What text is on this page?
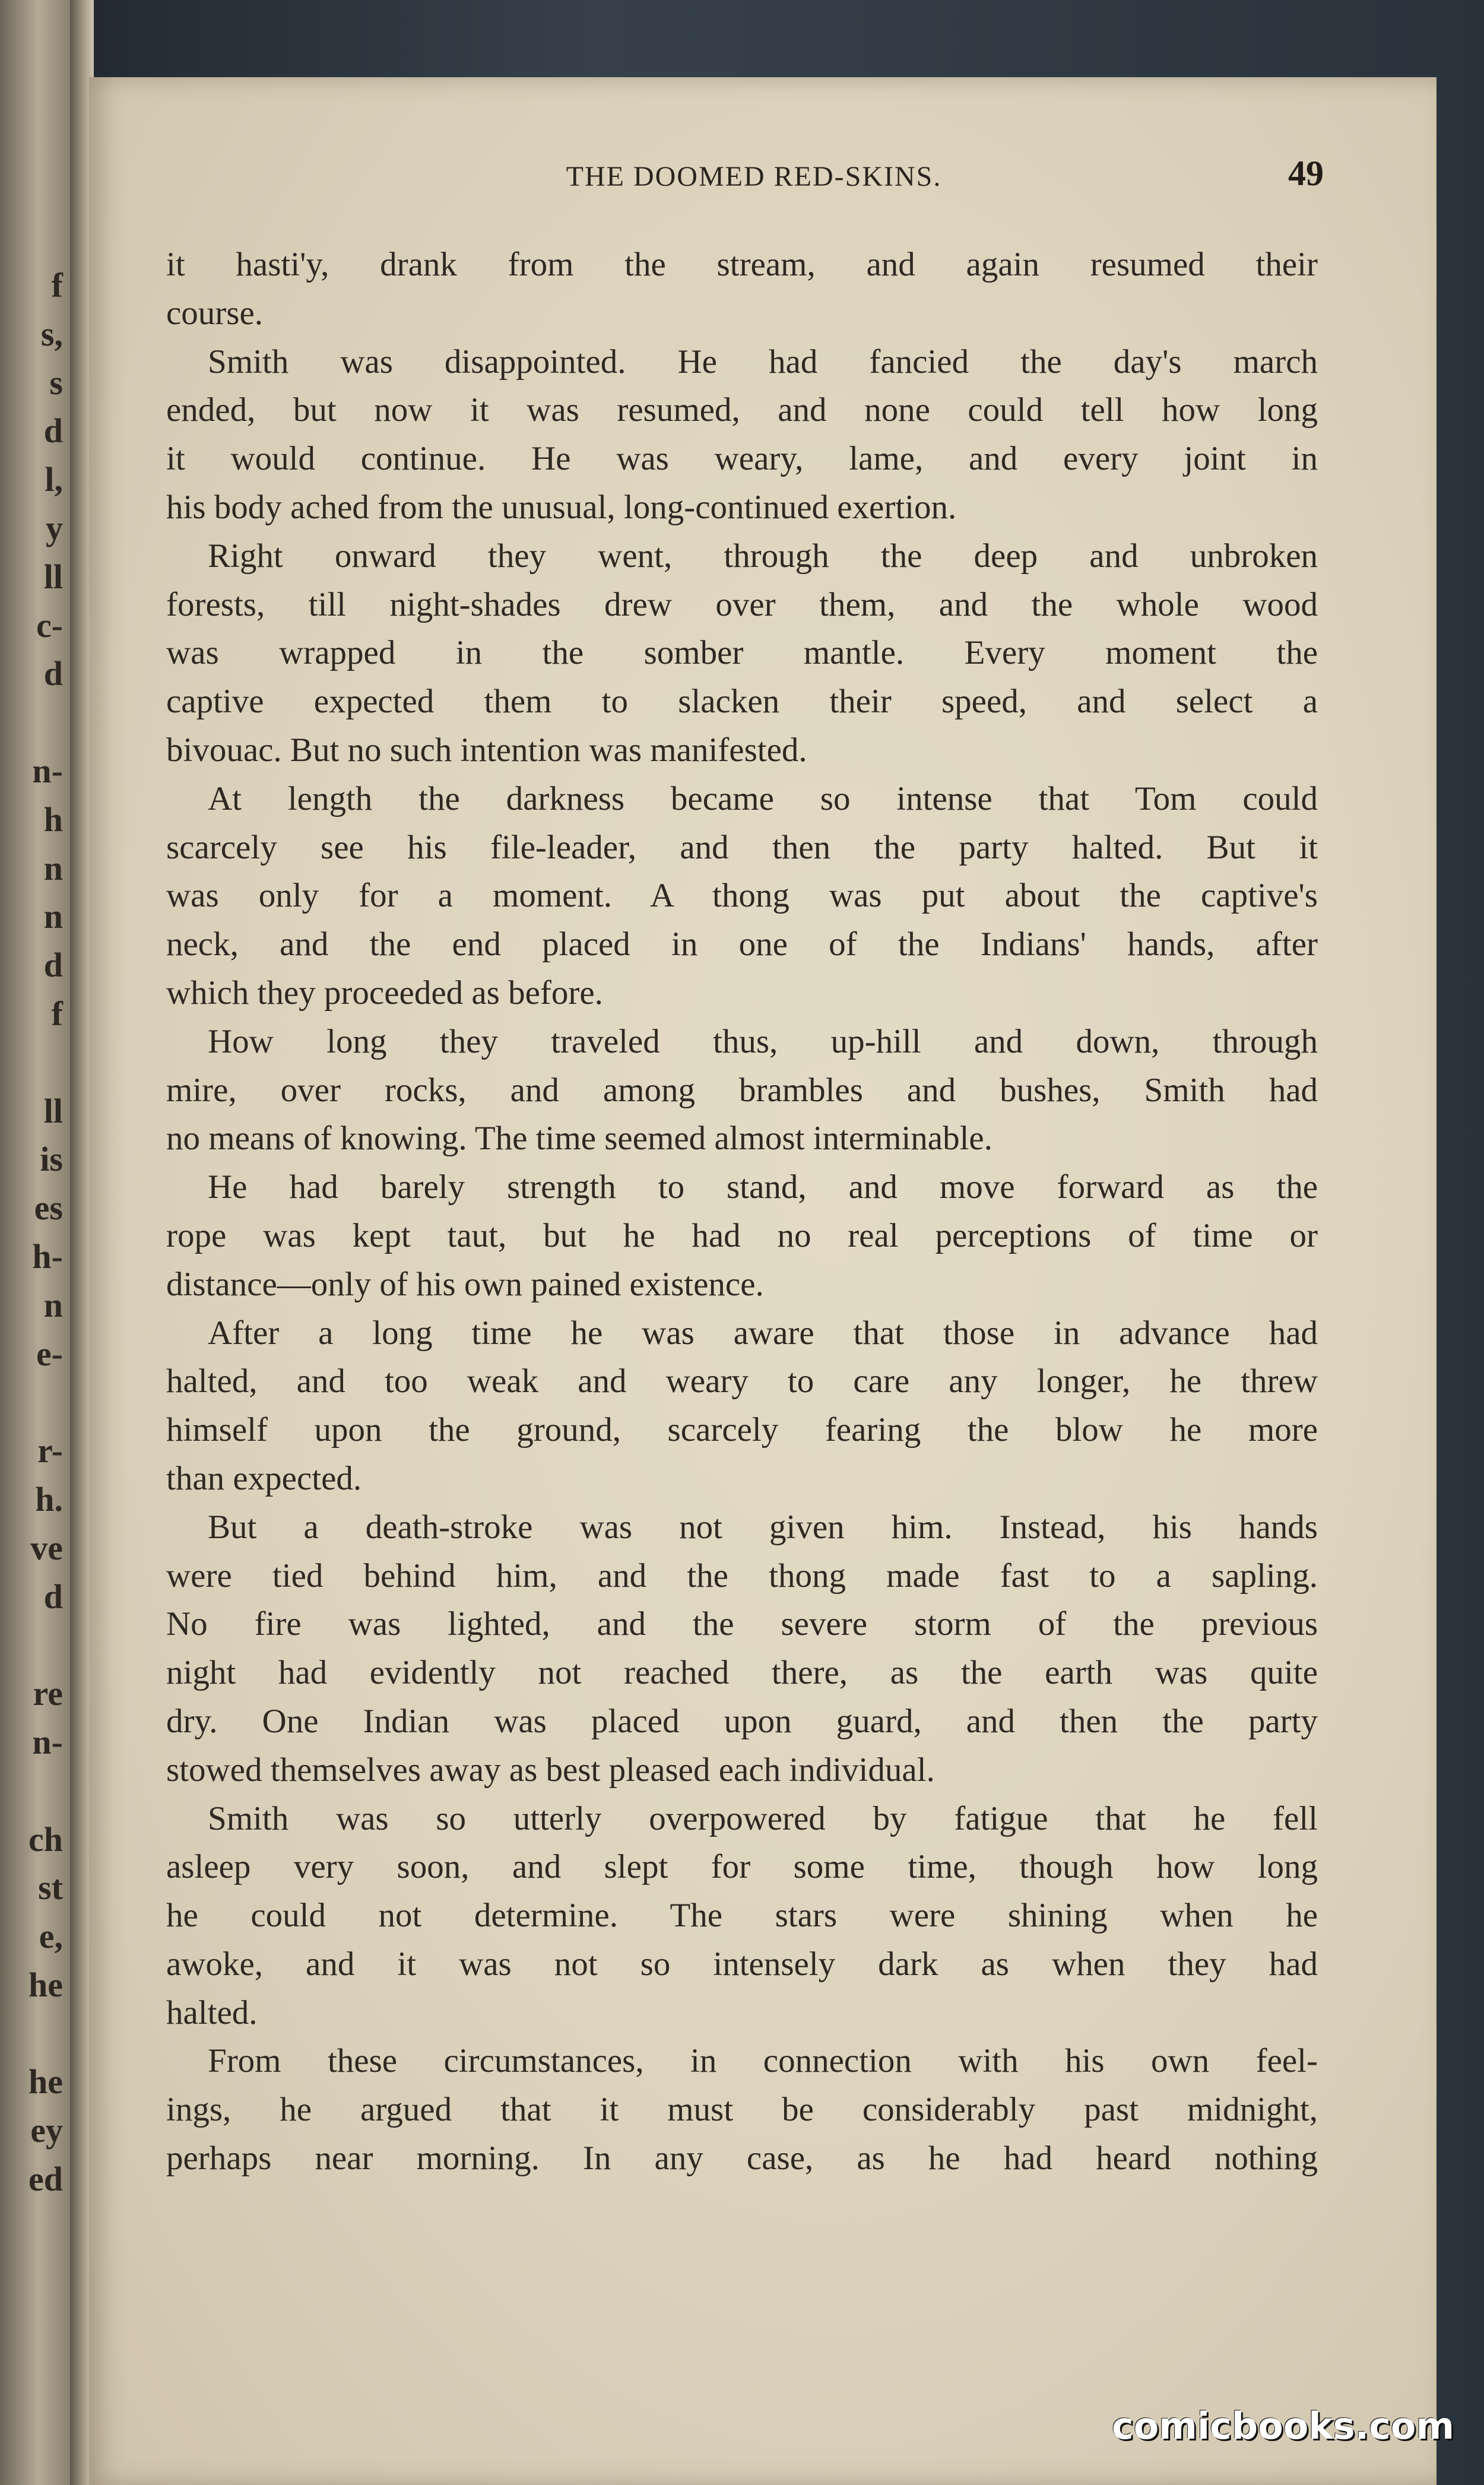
f
s,
s
d
l,
y
ll
c-
d
n-
h
n
n
d
f
ll
is
es
h-
n
e-
r-
h.
ve
d
re
n-
ch
st
e,
he
he
ey
ed
THE DOOMED RED-SKINS.	49
it hasti'y, drank from the stream, and again resumed their
course.
Smith was disappointed. He had fancied the day's march
ended, but now it was resumed, and none could tell how long
it would continue. He was weary, lame, and every joint in
his body ached from the unusual, long-continued exertion.
Right onward they went, through the deep and unbroken
forests, till night-shades drew over them, and the whole wood
was wrapped in the somber mantle. Every moment the
captive expected them to slacken their speed, and select a
bivouac. But no such intention was manifested.
At length the darkness became so intense that Tom could
scarcely see his file-leader, and then the party halted. But it
was only for a moment. A thong was put about the captive's
neck, and the end placed in one of the Indians' hands, after
which they proceeded as before.
How long they traveled thus, up-hill and down, through
mire, over rocks, and among brambles and bushes, Smith had
no means of knowing. The time seemed almost interminable.
He had barely strength to stand, and move forward as the
rope was kept taut, but he had no real perceptions of time or
distance—only of his own pained existence.
After a long time he was aware that those in advance had
halted, and too weak and weary to care any longer, he threw
himself upon the ground, scarcely fearing the blow he more
than expected.
But a death-stroke was not given him. Instead, his hands
were tied behind him, and the thong made fast to a sapling.
No fire was lighted, and the severe storm of the previous
night had evidently not reached there, as the earth was quite
dry. One Indian was placed upon guard, and then the party
stowed themselves away as best pleased each individual.
Smith was so utterly overpowered by fatigue that he fell
asleep very soon, and slept for some time, though how long
he could not determine. The stars were shining when he
awoke, and it was not so intensely dark as when they had
halted.
From these circumstances, in connection with his own feel-
ings, he argued that it must be considerably past midnight,
perhaps near morning. In any case, as he had heard nothing
comicbooks.com
